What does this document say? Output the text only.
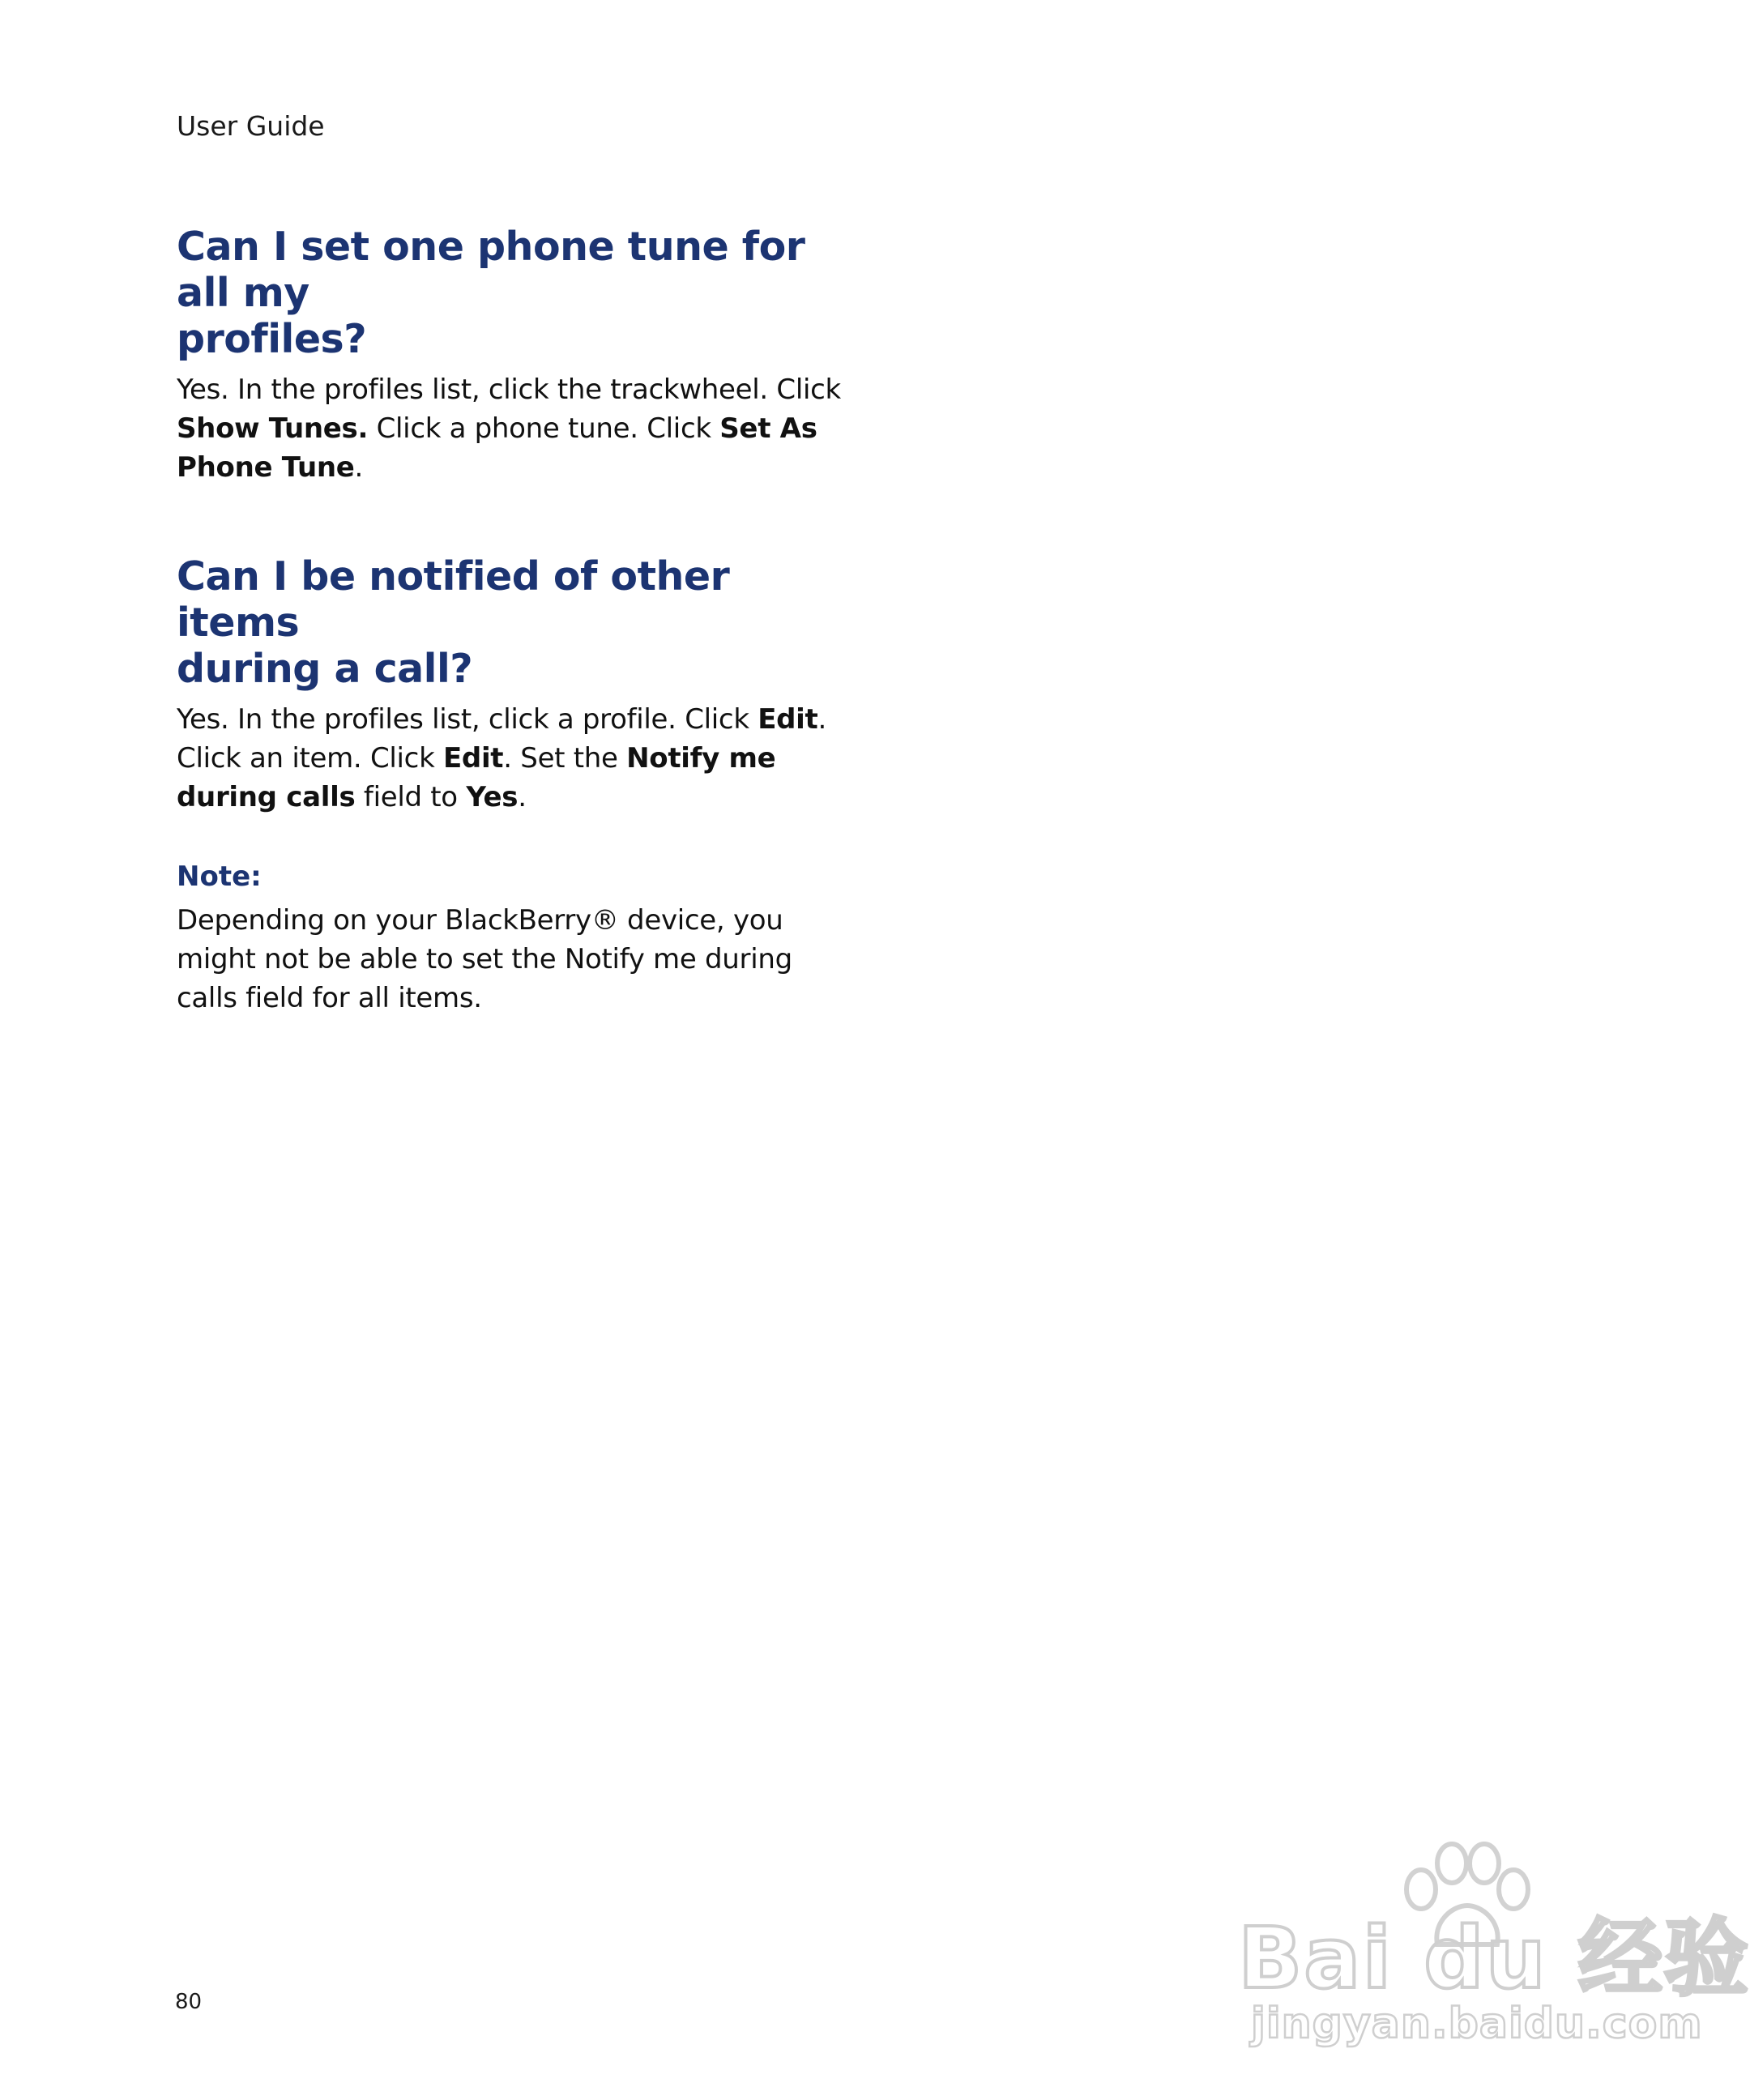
User Guide
Can I set one phone tune for all my
profiles?

Yes. In the profiles list, click the trackwheel. Click Show Tunes. Click a phone tune. Click Set As Phone Tune.

Can I be notified of other items
during a call?

Yes. In the profiles list, click a profile. Click Edit. Click an item. Click Edit. Set the Notify me during calls field to Yes.

Note:

Depending on your BlackBerry® device, you might not be able to set the Notify me during calls field for all items.

80	Bai du 经验
jingyan.baidu.com
